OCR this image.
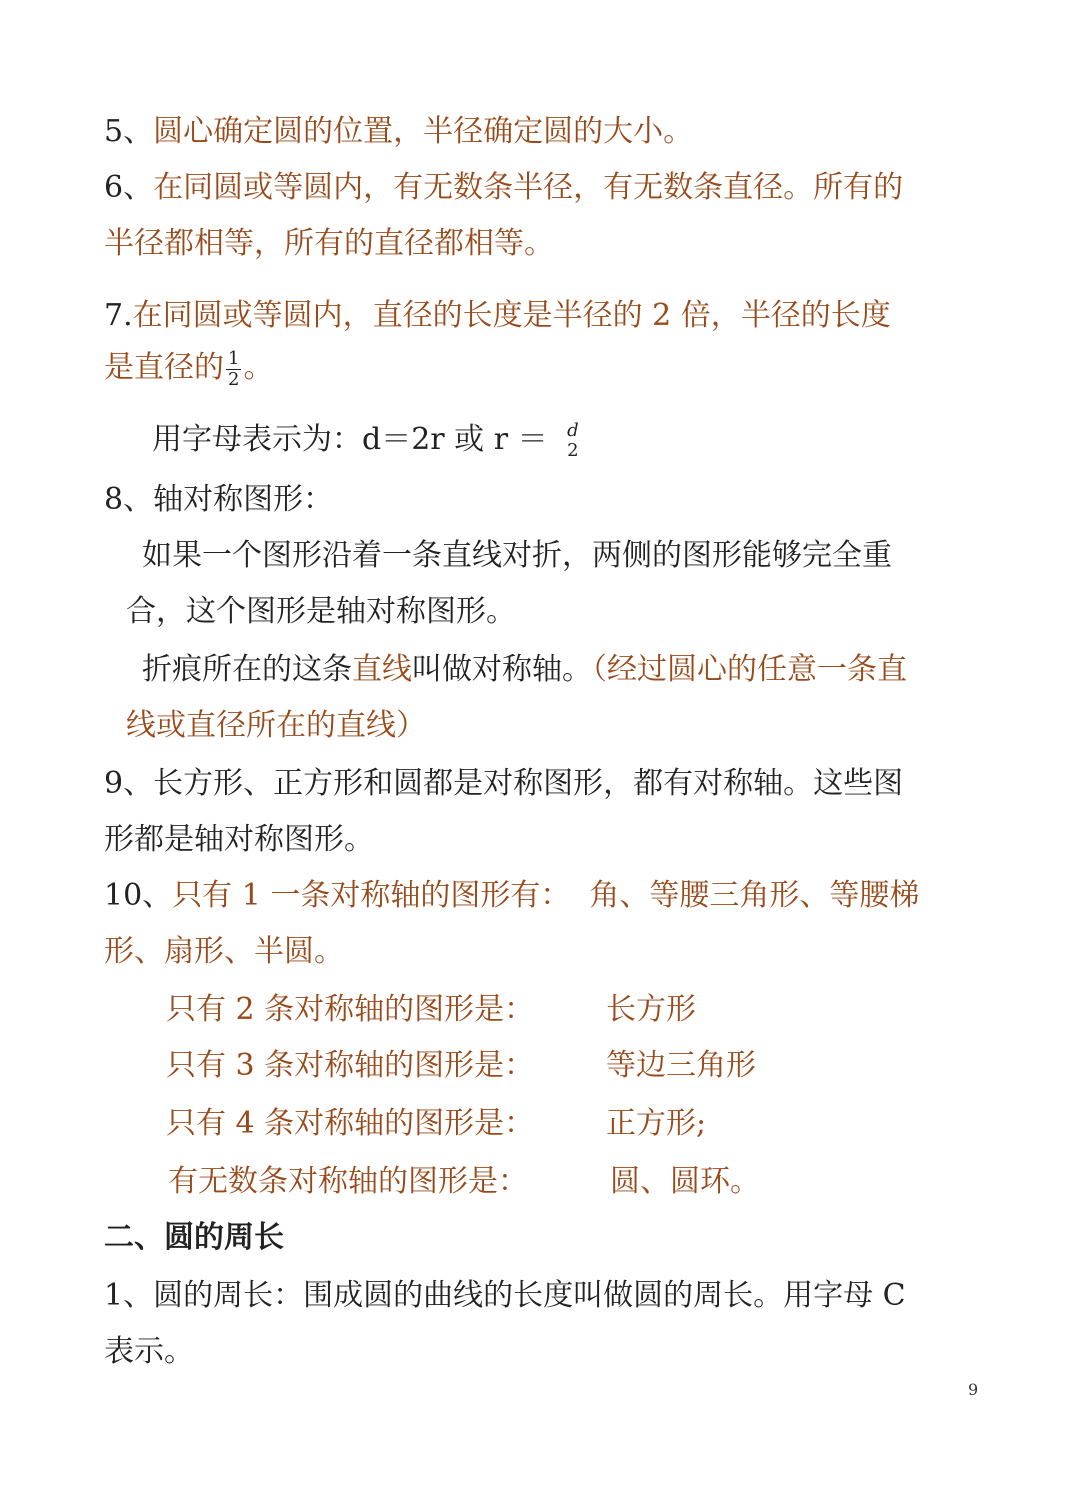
5、圆心确定圆的位置，半径确定圆的大小。
6、在同圆或等圆内，有无数条半径，有无数条直径。所有的
半径都相等，所有的直径都相等。
7.在同圆或等圆内，直径的长度是半径的 2 倍，半径的长度
是直径的 $\frac{1}{2}$ 。
用字母表示为：d＝2r 或 r ＝ d
2
8、轴对称图形：
如果一个图形沿着一条直线对折，两侧的图形能够完全重
合，这个图形是轴对称图形。
折痕所在的这条直线叫做对称轴。（经过圆心的任意一条直
线或直径所在的直线）
9、长方形、正方形和圆都是对称图形，都有对称轴。这些图
形都是轴对称图形。
10、只有 1 一条对称轴的图形有：  角、等腰三角形、等腰梯
形、扇形、半圆。
只有 2 条对称轴的图形是： 长方形
只有 3 条对称轴的图形是： 等边三角形
只有 4 条对称轴的图形是： 正方形;
有无数条对称轴的图形是：	圆、圆环。
二、圆的周长
1、圆的周长：围成圆的曲线的长度叫做圆的周长。用字母 C
表示。
9
